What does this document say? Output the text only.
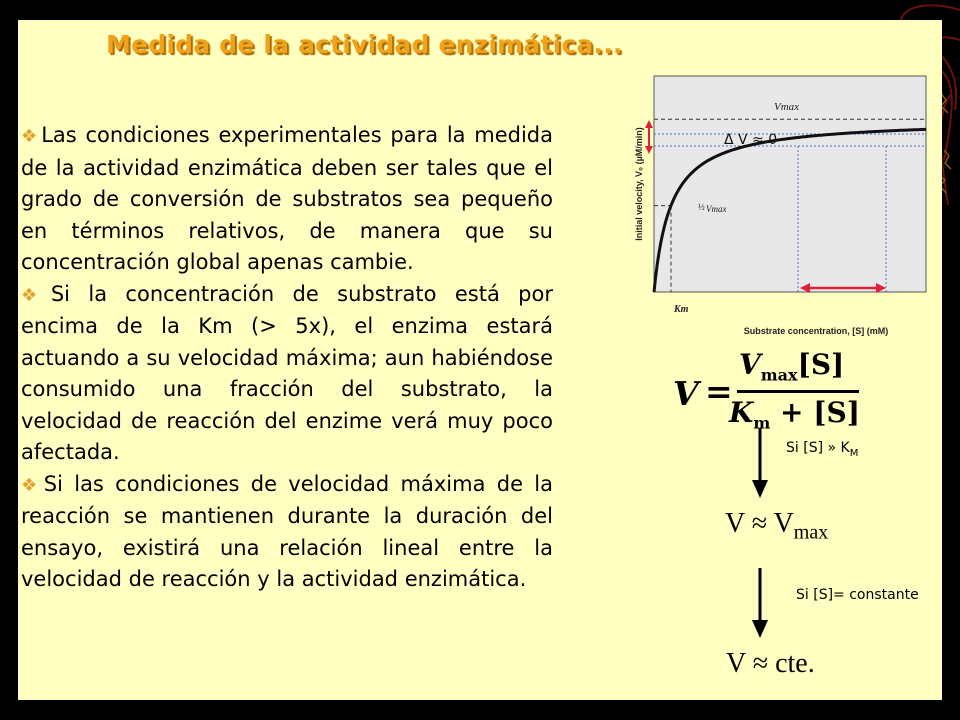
Medida de la actividad enzimática...

❖Las condiciones experimentales para la medida de la actividad enzimática deben ser tales que el grado de conversión de substratos sea pequeño en términos relativos, de manera que su concentración global apenas cambie.

❖Si la concentración de substrato está por encima de la Km (> 5x), el enzima estará actuando a su velocidad máxima; aun habiéndose consumido una fracción del substrato, la velocidad de reacción del enzime verá muy poco afectada.

❖Si las condiciones de velocidad máxima de la reacción se mantienen durante la duración del ensayo, existirá una relación lineal entre la velocidad de reacción y la actividad enzimática.

Vmax
Δ V ≈ 0
½ Vmax
Km
Substrate concentration, [S] (mM)
Initial velocity, V₀ (µM/min)
V =
$V_{max}[S]$
$K_m + [S]$
Si [S] » $K_M$
$V \approx V_{max}$
Si [S]= constante
V ≈ cte.
